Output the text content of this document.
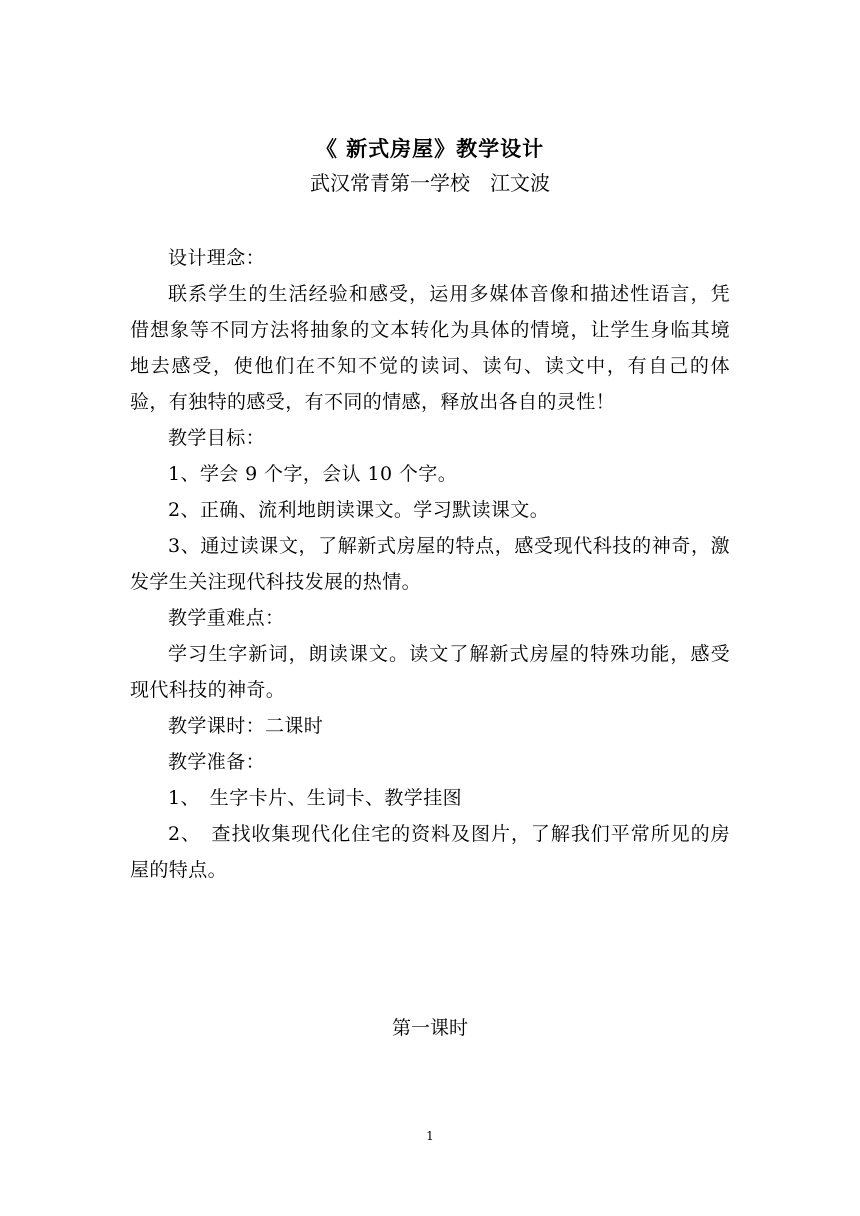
《 新式房屋》教学设计
武汉常青第一学校　江文波

设计理念：

联系学生的生活经验和感受，运用多媒体音像和描述性语言，凭借想象等不同方法将抽象的文本转化为具体的情境，让学生身临其境地去感受，使他们在不知不觉的读词、读句、读文中，有自己的体验，有独特的感受，有不同的情感，释放出各自的灵性！

教学目标：

1、学会 9 个字，会认 10 个字。

2、正确、流利地朗读课文。学习默读课文。

3、通过读课文，了解新式房屋的特点，感受现代科技的神奇，激发学生关注现代科技发展的热情。

教学重难点：

学习生字新词，朗读课文。读文了解新式房屋的特殊功能，感受现代科技的神奇。

教学课时：二课时

教学准备：

1、　生字卡片、生词卡、教学挂图

2、　查找收集现代化住宅的资料及图片，了解我们平常所见的房屋的特点。

第一课时
1
